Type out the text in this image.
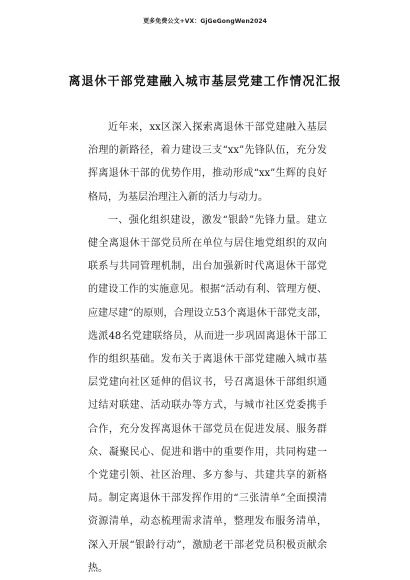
更多免费公文+VX：GjGeGongWen2024
离退休干部党建融入城市基层党建工作情况汇报

近年来，xx区深入探索离退休干部党建融入基层治理的新路径，着力建设三支“xx”先锋队伍，充分发挥离退休干部的优势作用，推动形成“xx”生辉的良好格局，为基层治理注入新的活力与动力。

一、强化组织建设，激发“银龄”先锋力量。建立健全离退休干部党员所在单位与居住地党组织的双向联系与共同管理机制，出台加强新时代离退休干部党的建设工作的实施意见。根据“活动有利、管理方便、应建尽建”的原则，合理设立53个离退休干部党支部，选派48名党建联络员，从而进一步巩固离退休干部工作的组织基础。发布关于离退休干部党建融入城市基层党建向社区延伸的倡议书，号召离退休干部组织通过结对联建、活动联办等方式，与城市社区党委携手合作，充分发挥离退休干部党员在促进发展、服务群众、凝聚民心、促进和谐中的重要作用，共同构建一个党建引领、社区治理、多方参与、共建共享的新格局。制定离退休干部发挥作用的“三张清单”全面摸清资源清单，动态梳理需求清单，整理发布服务清单，深入开展“银龄行动”，激励老干部老党员积极贡献余热。
